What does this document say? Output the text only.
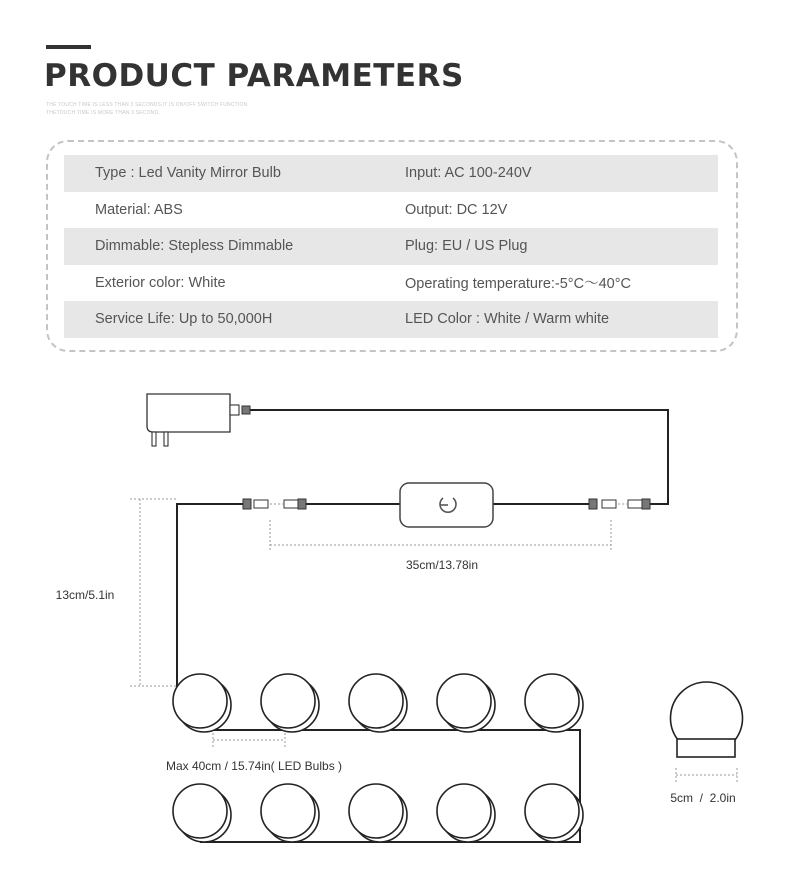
PRODUCT PARAMETERS
THE TOUCH TIME IS LESS THAN 3 SECONDS,IT IS ON/OFF SWITCH FUNCTION.
THETOUCH TIME IS MORE THAN 3 SECOND,
Type : Led Vanity Mirror Bulb	Input: AC 100-240V
Material: ABS	Output: DC 12V
Dimmable: Stepless Dimmable	Plug: EU / US Plug
Exterior color: White	Operating temperature:-5°C～40°C
Service Life: Up to 50,000H	LED Color : White / Warm white
35cm/13.78in
13cm/5.1in
Max 40cm / 15.74in( LED Bulbs )
5cm  /  2.0in
